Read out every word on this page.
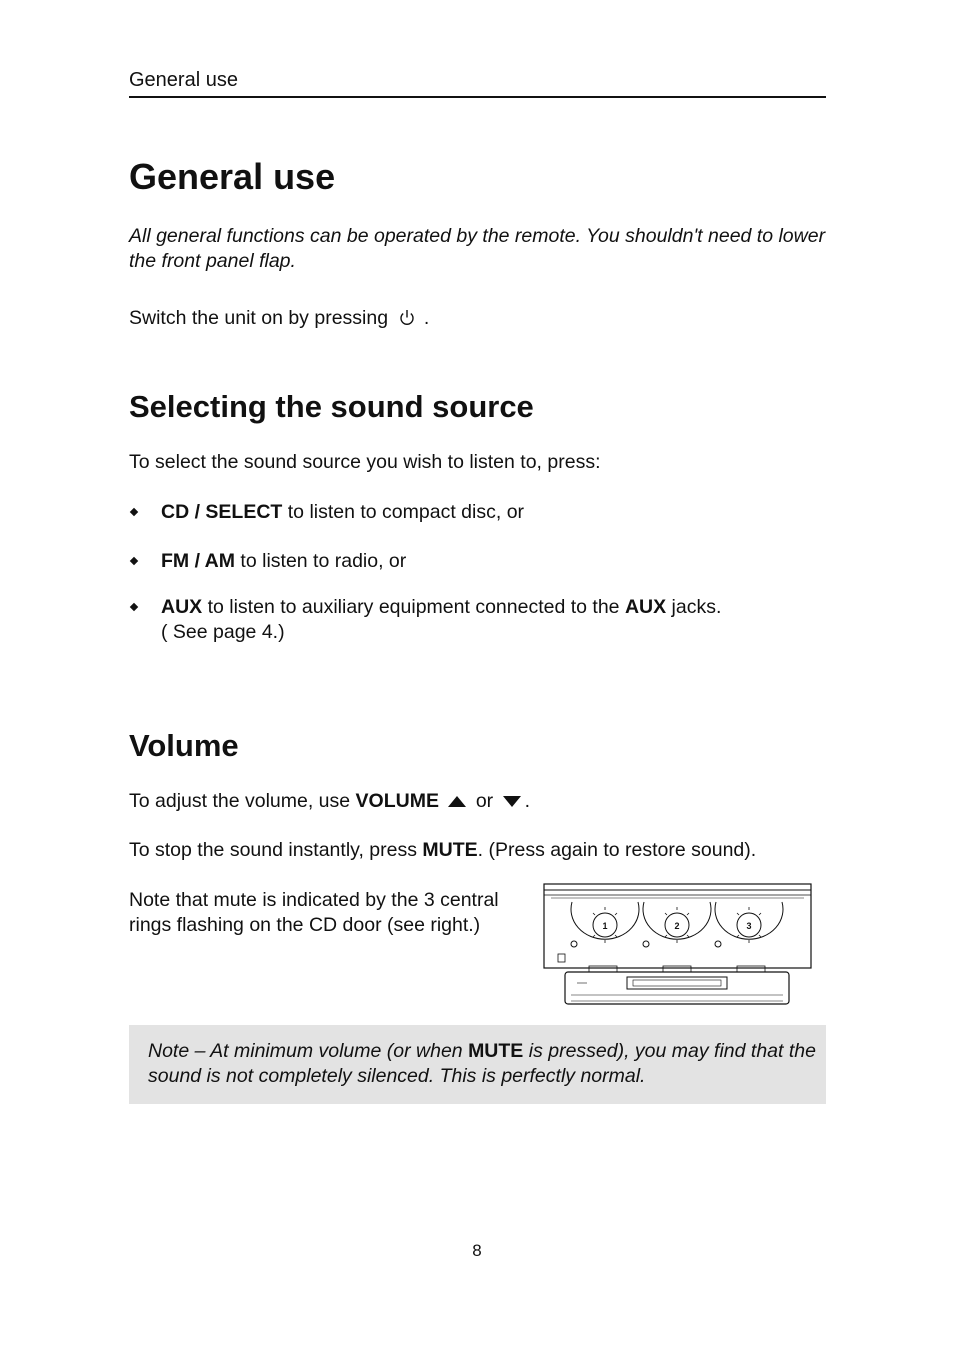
General use
General use
All general functions can be operated by the remote. You shouldn't need to lower the front panel flap.
Switch the unit on by pressing .
Selecting the sound source
To select the sound source you wish to listen to, press:
CD / SELECT to listen to compact disc, or
FM / AM to listen to radio, or
AUX to listen to auxiliary equipment connected to the AUX jacks.
( See page 4.)
Volume
To adjust the volume, use VOLUME or .
To stop the sound instantly, press MUTE. (Press again to restore sound).
Note that mute is indicated by the 3 central rings flashing on the CD door (see right.)	1	2	3
Note – At minimum volume (or when MUTE is pressed), you may find that the sound is not completely silenced. This is perfectly normal.
8
